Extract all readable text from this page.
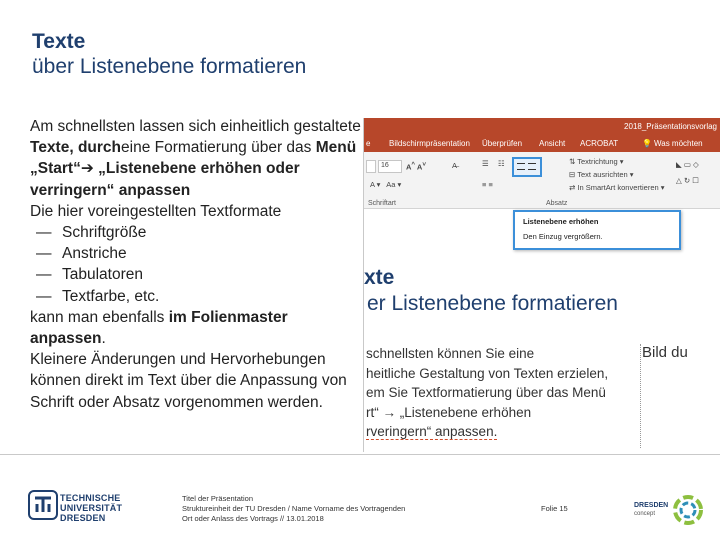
Texte
über Listenebene formatieren

Am schnellsten lassen sich einheitlich gestaltete Texte, durcheine Formatierung über das Menü „Start“➔ „Listenebene erhöhen oder verringern“ anpassen

Die hier voreingestellten Textformate

— Schriftgröße

— Anstriche

— Tabulatoren

— Textfarbe, etc.

kann man ebenfalls im Folienmaster anpassen.

Kleinere Änderungen und Hervorhebungen können direkt im Text über die Anpassung von Schrift oder Absatz vorgenommen werden.

2018_Präsentationsvorlag
e Bildschirmpräsentation Überprüfen Ansicht ACROBAT	💡 Was möchten
16 A^ A˅	A̶	☰ ☷
A ▾   Aa ▾	≡ ≡
⇅ Textrichtung ▾
⊟ Text ausrichten ▾
⇄ In SmartArt konvertieren ▾
◣ ▭ ◇
△ ↻ ☐
Schriftart	Absatz
xte
er Listenebene formatieren
schnellsten können Sie eine
heitliche Gestaltung von Texten erzielen,
em Sie Textformatierung über das Menü
rt“ → „Listenebene erhöhen
rveringern“ anpassen.
Bild du
Listenebene erhöhen
Den Einzug vergrößern.
TECHNISCHE
UNIVERSITÄT
DRESDEN
Titel der Präsentation
Struktureinheit der TU Dresden / Name Vorname des Vortragenden
Ort oder Anlass des Vortrags // 13.01.2018
Folie 15	DRESDEN
concept
